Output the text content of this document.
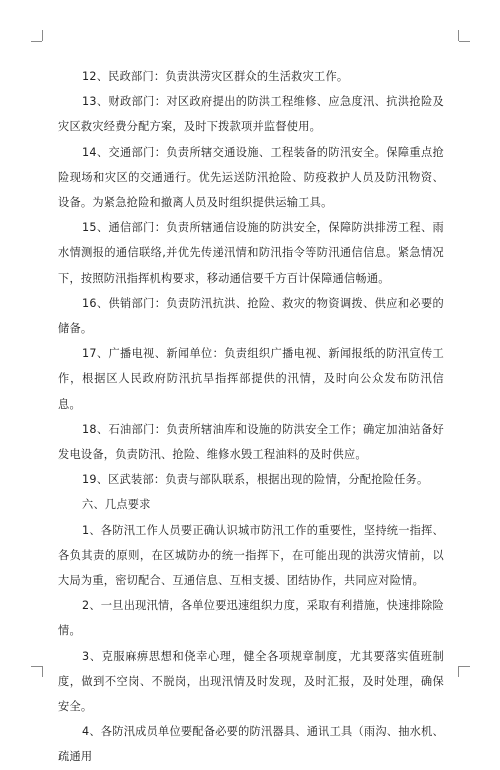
12、民政部门：负责洪涝灾区群众的生活救灾工作。

13、财政部门：对区政府提出的防洪工程维修、应急度汛、抗洪抢险及灾区救灾经费分配方案，及时下拨款项并监督使用。

14、交通部门：负责所辖交通设施、工程装备的防汛安全。保障重点抢险现场和灾区的交通通行。优先运送防汛抢险、防疫救护人员及防汛物资、设备。为紧急抢险和撤离人员及时组织提供运输工具。

15、通信部门：负责所辖通信设施的防洪安全，保障防洪排涝工程、雨水情测报的通信联络,并优先传递汛情和防汛指令等防汛通信信息。紧急情况下，按照防汛指挥机构要求，移动通信要千方百计保障通信畅通。

16、供销部门：负责防汛抗洪、抢险、救灾的物资调拨、供应和必要的储备。

17、广播电视、新闻单位：负责组织广播电视、新闻报纸的防汛宣传工作，根据区人民政府防汛抗旱指挥部提供的汛情，及时向公众发布防汛信息。

18、石油部门：负责所辖油库和设施的防洪安全工作；确定加油站备好发电设备，负责防汛、抢险、维修水毁工程油料的及时供应。

19、区武装部：负责与部队联系，根据出现的险情，分配抢险任务。

六、几点要求

1、各防汛工作人员要正确认识城市防汛工作的重要性，坚持统一指挥、各负其责的原则，在区城防办的统一指挥下，在可能出现的洪涝灾情前，以大局为重，密切配合、互通信息、互相支援、团结协作，共同应对险情。

2、一旦出现汛情，各单位要迅速组织力度，采取有利措施，快速排除险情。

3、克服麻痹思想和侥幸心理，健全各项规章制度，尤其要落实值班制度，做到不空岗、不脱岗，出现汛情及时发现，及时汇报，及时处理，确保安全。

4、各防汛成员单位要配备必要的防汛器具、通讯工具（雨沟、抽水机、疏通用
